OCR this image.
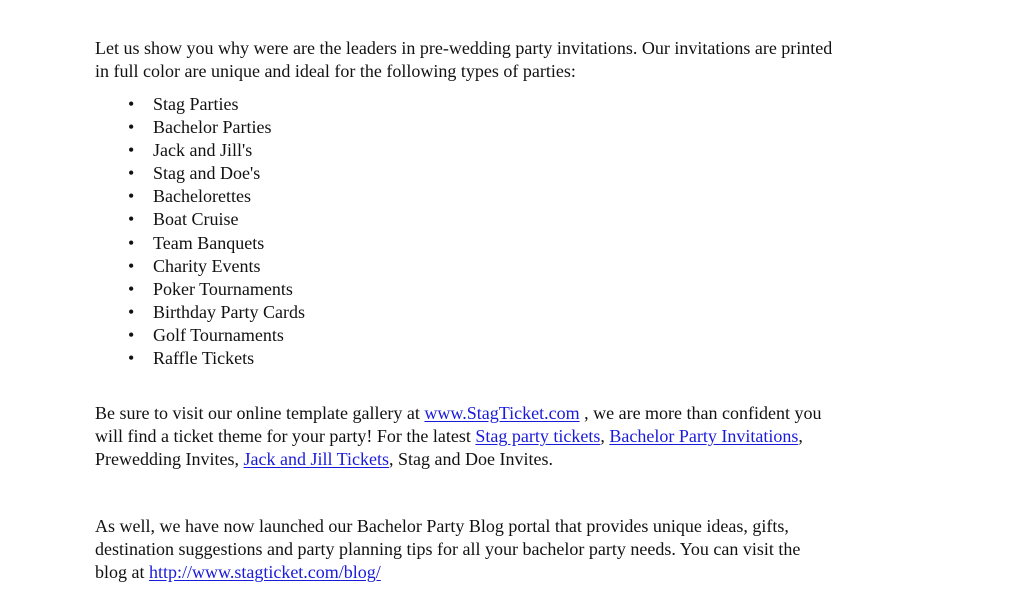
Let us show you why were are the leaders in pre-wedding party invitations. Our invitations are printed
in full color are unique and ideal for the following types of parties:

• Stag Parties
• Bachelor Parties
• Jack and Jill's
• Stag and Doe's
• Bachelorettes
• Boat Cruise
• Team Banquets
• Charity Events
• Poker Tournaments
• Birthday Party Cards
• Golf Tournaments
• Raffle Tickets

Be sure to visit our online template gallery at www.StagTicket.com , we are more than confident you
will find a ticket theme for your party! For the latest Stag party tickets, Bachelor Party Invitations,
Prewedding Invites, Jack and Jill Tickets, Stag and Doe Invites.

As well, we have now launched our Bachelor Party Blog portal that provides unique ideas, gifts,
destination suggestions and party planning tips for all your bachelor party needs. You can visit the
blog at http://www.stagticket.com/blog/
